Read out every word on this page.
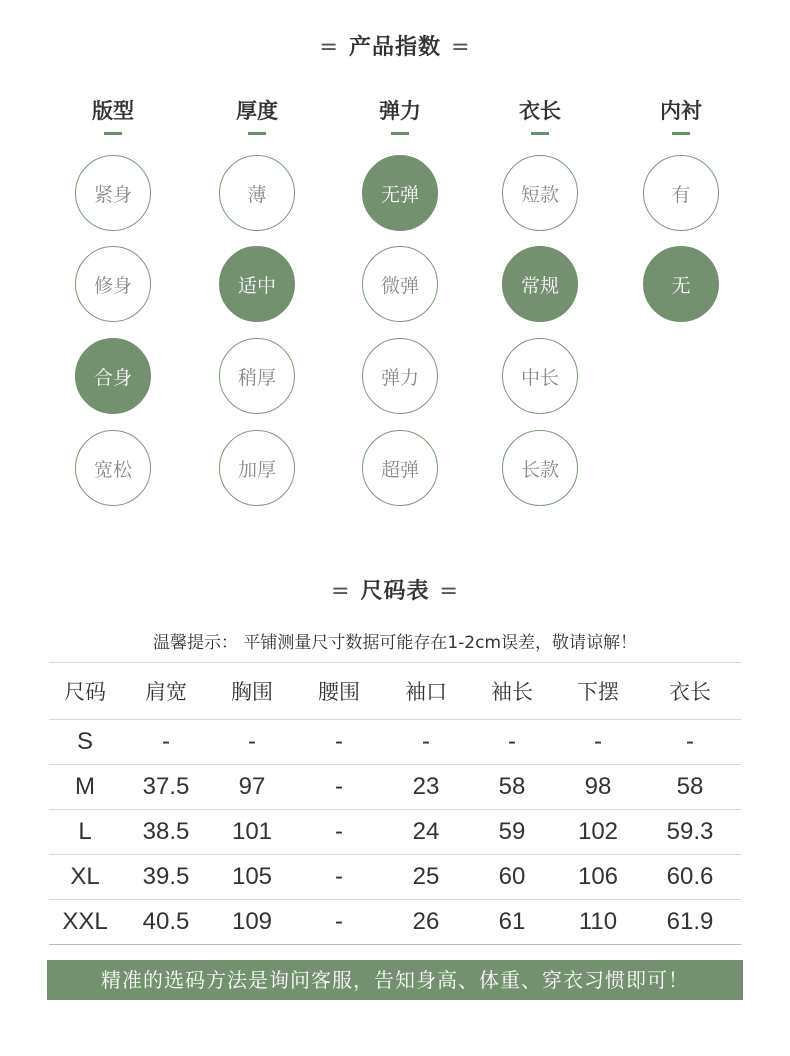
= 产品指数 =
版型
紧身
修身
合身
宽松
厚度
薄
适中
稍厚
加厚
弹力
无弹
微弹
弹力
超弹
衣长
短款
常规
中长
长款
内衬
有
无
= 尺码表 =
温馨提示： 平铺测量尺寸数据可能存在1-2cm误差，敬请谅解！
尺码	肩宽	胸围	腰围	袖口	袖长	下摆	衣长
S	-	-	-	-	-	-	-
M	37.5	97	-	23	58	98	58
L	38.5	101	-	24	59	102	59.3
XL	39.5	105	-	25	60	106	60.6
XXL	40.5	109	-	26	61	110	61.9
精准的选码方法是询问客服，告知身高、体重、穿衣习惯即可！
